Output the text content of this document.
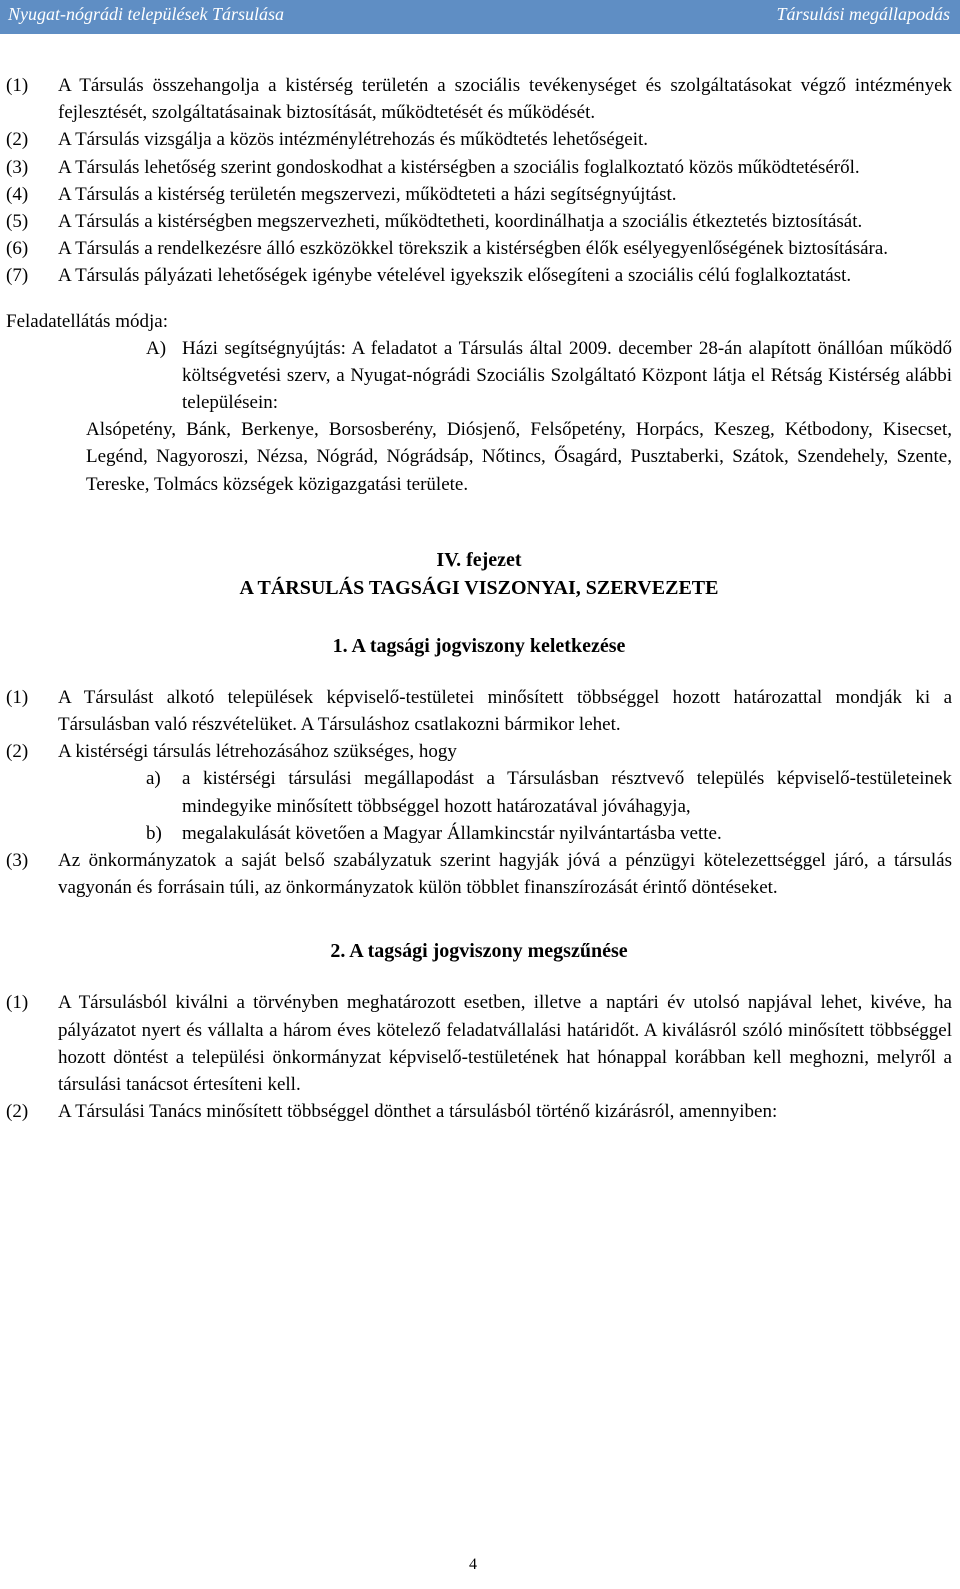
Nyugat-nógrádi települések Társulása	Társulási megállapodás

(1) A Társulás összehangolja a kistérség területén a szociális tevékenységet és szolgáltatásokat végző intézmények fejlesztését, szolgáltatásainak biztosítását, működtetését és működését.

(2) A Társulás vizsgálja a közös intézménylétrehozás és működtetés lehetőségeit.

(3) A Társulás lehetőség szerint gondoskodhat a kistérségben a szociális foglalkoztató közös működtetéséről.

(4) A Társulás a kistérség területén megszervezi, működteteti a házi segítségnyújtást.

(5) A Társulás a kistérségben megszervezheti, működtetheti, koordinálhatja a szociális étkeztetés biztosítását.

(6) A Társulás a rendelkezésre álló eszközökkel törekszik a kistérségben élők esélyegyenlőségének biztosítására.

(7) A Társulás pályázati lehetőségek igénybe vételével igyekszik elősegíteni a szociális célú foglalkoztatást.

Feladatellátás módja:

A) Házi segítségnyújtás: A feladatot a Társulás által 2009. december 28-án alapított önállóan működő költségvetési szerv, a Nyugat-nógrádi Szociális Szolgáltató Központ látja el Rétság Kistérség alábbi településein:

Alsópetény, Bánk, Berkenye, Borsosberény, Diósjenő, Felsőpetény, Horpács, Keszeg, Kétbodony, Kisecset, Legénd, Nagyoroszi, Nézsa, Nógrád, Nógrádsáp, Nőtincs, Ősagárd, Pusztaberki, Szátok, Szendehely, Szente, Tereske, Tolmács községek közigazgatási területe.

IV. fejezet

A TÁRSULÁS TAGSÁGI VISZONYAI, SZERVEZETE

1. A tagsági jogviszony keletkezése

(1) A Társulást alkotó települések képviselő-testületei minősített többséggel hozott határozattal mondják ki a Társulásban való részvételüket. A Társuláshoz csatlakozni bármikor lehet.

(2) A kistérségi társulás létrehozásához szükséges, hogy

a) a kistérségi társulási megállapodást a Társulásban résztvevő település képviselő-testületeinek mindegyike minősített többséggel hozott határozatával jóváhagyja,

b) megalakulását követően a Magyar Államkincstár nyilvántartásba vette.

(3) Az önkormányzatok a saját belső szabályzatuk szerint hagyják jóvá a pénzügyi kötelezettséggel járó, a társulás vagyonán és forrásain túli, az önkormányzatok külön többlet finanszírozását érintő döntéseket.

2. A tagsági jogviszony megszűnése

(1) A Társulásból kiválni a törvényben meghatározott esetben, illetve a naptári év utolsó napjával lehet, kivéve, ha pályázatot nyert és vállalta a három éves kötelező feladatvállalási határidőt. A kiválásról szóló minősített többséggel hozott döntést a települési önkormányzat képviselő-testületének hat hónappal korábban kell meghozni, melyről a társulási tanácsot értesíteni kell.

(2) A Társulási Tanács minősített többséggel dönthet a társulásból történő kizárásról, amennyiben:

4
